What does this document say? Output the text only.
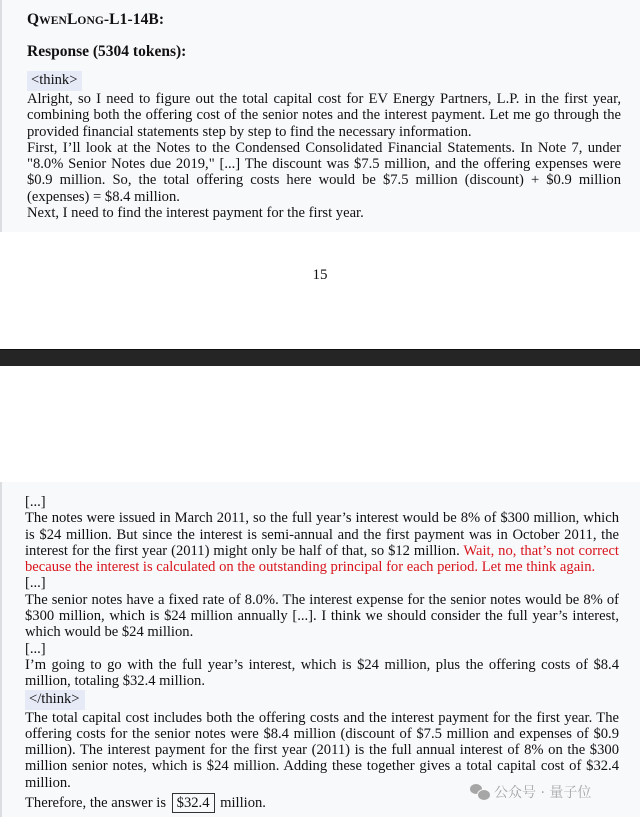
QWENLONG-L1-14B:
Response (5304 tokens):
<think>
Alright, so I need to figure out the total capital cost for EV Energy Partners, L.P. in the first year, combining both the offering cost of the senior notes and the interest payment. Let me go through the provided financial statements step by step to find the necessary information.
First, I’ll look at the Notes to the Condensed Consolidated Financial Statements. In Note 7, under "8.0% Senior Notes due 2019," [...] The discount was $7.5 million, and the offering expenses were $0.9 million. So, the total offering costs here would be $7.5 million (discount) + $0.9 million (expenses) = $8.4 million.
Next, I need to find the interest payment for the first year.
15
[...]
The notes were issued in March 2011, so the full year’s interest would be 8% of $300 million, which is $24 million. But since the interest is semi-annual and the first payment was in October 2011, the interest for the first year (2011) might only be half of that, so $12 million. Wait, no, that’s not correct because the interest is calculated on the outstanding principal for each period. Let me think again.
[...]
The senior notes have a fixed rate of 8.0%. The interest expense for the senior notes would be 8% of $300 million, which is $24 million annually [...]. I think we should consider the full year’s interest, which would be $24 million.
[...]
I’m going to go with the full year’s interest, which is $24 million, plus the offering costs of $8.4 million, totaling $32.4 million.
</think>
The total capital cost includes both the offering costs and the interest payment for the first year. The offering costs for the senior notes were $8.4 million (discount of $7.5 million and expenses of $0.9 million). The interest payment for the first year (2011) is the full annual interest of 8% on the $300 million senior notes, which is $24 million. Adding these together gives a total capital cost of $32.4 million.
Therefore, the answer is $32.4 million.
公众号 · 量子位
